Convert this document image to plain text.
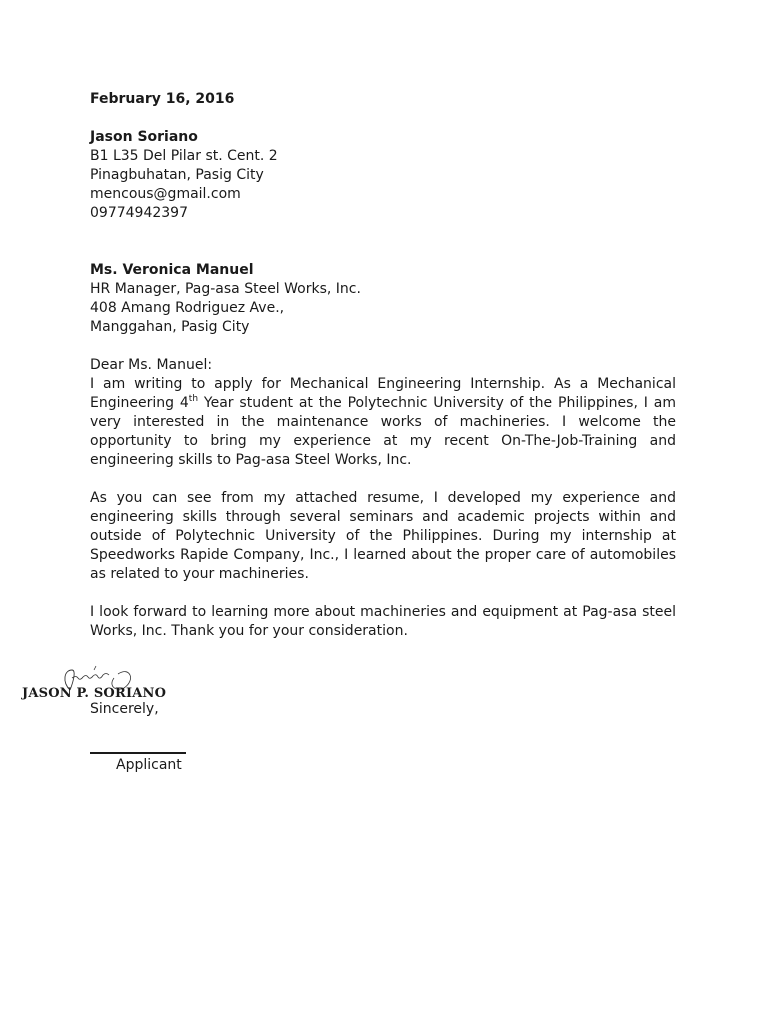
February 16, 2016
Jason Soriano
B1 L35 Del Pilar st. Cent. 2
Pinagbuhatan, Pasig City
mencous@gmail.com
09774942397
Ms. Veronica Manuel
HR Manager, Pag-asa Steel Works, Inc.
408 Amang Rodriguez Ave.,
Manggahan, Pasig City
Dear Ms. Manuel:

I am writing to apply for Mechanical Engineering Internship. As a Mechanical Engineering 4th Year student at the Polytechnic University of the Philippines, I am very interested in the maintenance works of machineries. I welcome the opportunity to bring my experience at my recent On-The-Job-Training and engineering skills to Pag-asa Steel Works, Inc.

As you can see from my attached resume, I developed my experience and engineering skills through several seminars and academic projects within and outside of Polytechnic University of the Philippines. During my internship at Speedworks Rapide Company, Inc., I learned about the proper care of automobiles as related to your machineries.

I look forward to learning more about machineries and equipment at Pag-asa steel Works, Inc. Thank you for your consideration.

JASON P. SORIANO
Sincerely,
Applicant
